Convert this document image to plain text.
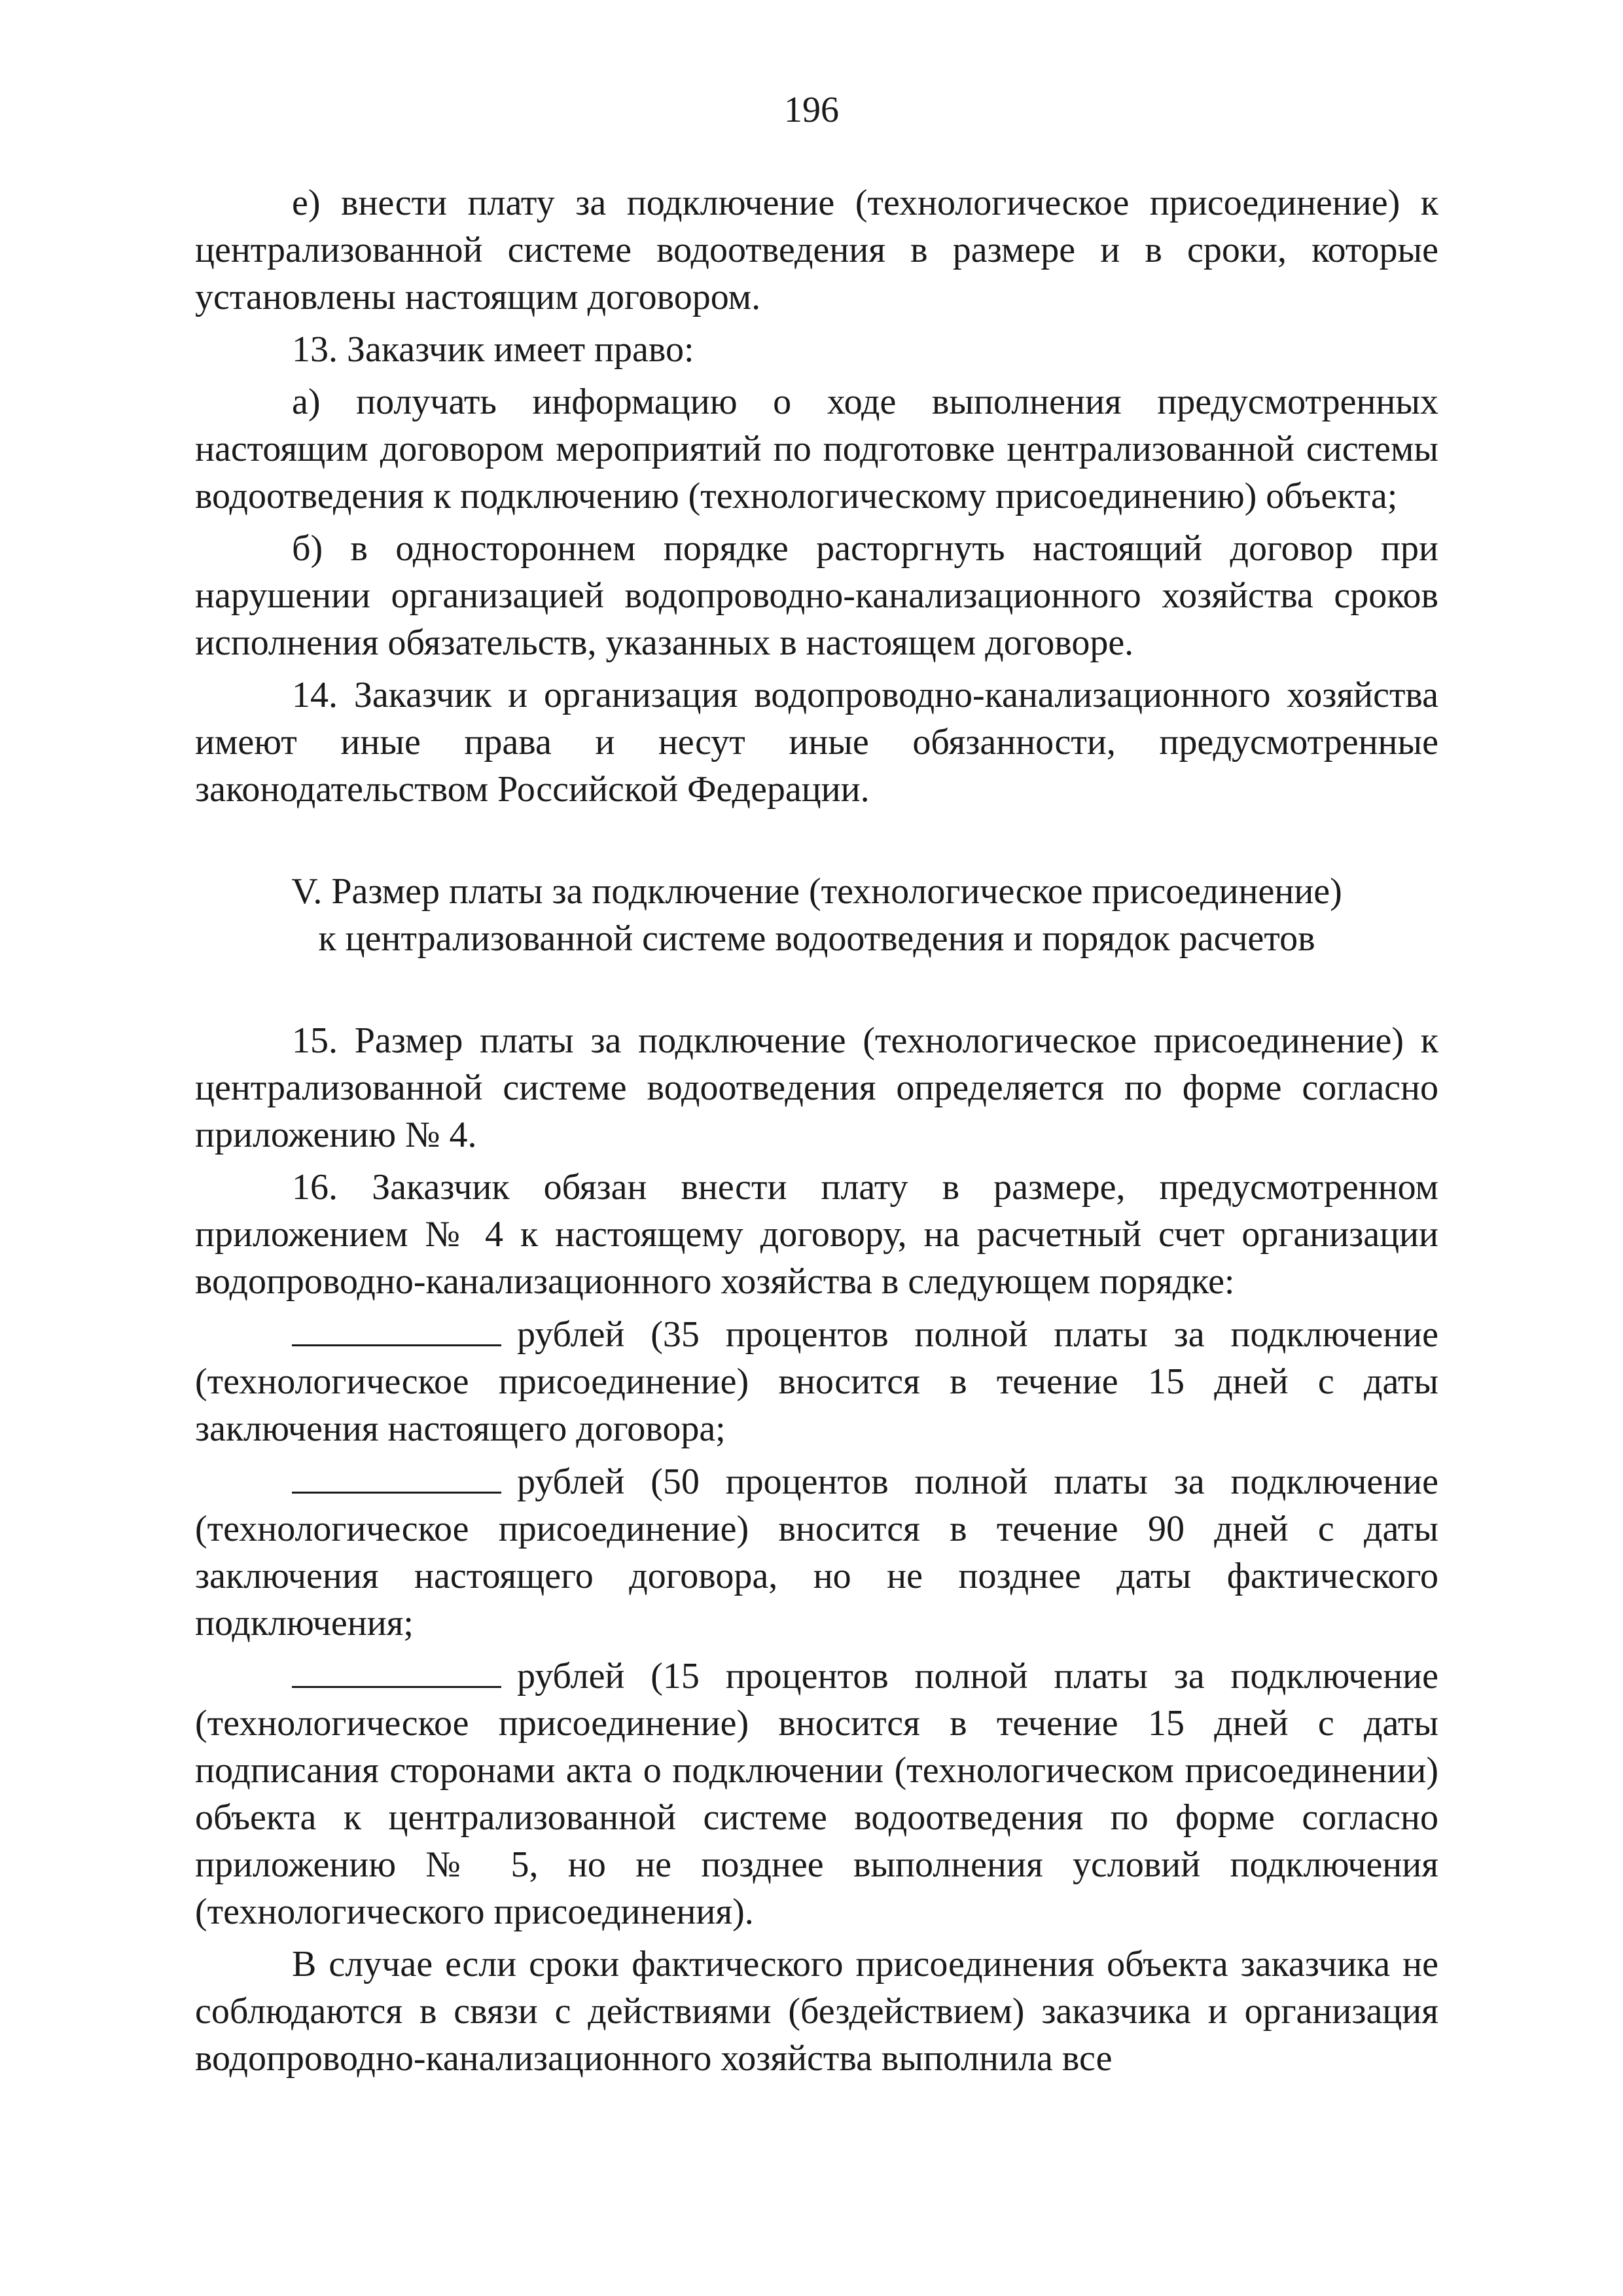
196

е) внести плату за подключение (технологическое присоединение) к централизованной системе водоотведения в размере и в сроки, которые установлены настоящим договором.

13. Заказчик имеет право:

а) получать информацию о ходе выполнения предусмотренных настоящим договором мероприятий по подготовке централизованной системы водоотведения к подключению (технологическому присоединению) объекта;

б) в одностороннем порядке расторгнуть настоящий договор при нарушении организацией водопроводно-канализационного хозяйства сроков исполнения обязательств, указанных в настоящем договоре.

14. Заказчик и организация водопроводно-канализационного хозяйства имеют иные права и несут иные обязанности, предусмотренные законодательством Российской Федерации.

V. Размер платы за подключение (технологическое присоединение)
к централизованной системе водоотведения и порядок расчетов

15. Размер платы за подключение (технологическое присоединение) к централизованной системе водоотведения определяется по форме согласно приложению № 4.

16. Заказчик обязан внести плату в размере, предусмотренном приложением № 4 к настоящему договору, на расчетный счет организации водопроводно-канализационного хозяйства в следующем порядке:

рублей (35 процентов полной платы за подключение (технологическое присоединение) вносится в течение 15 дней с даты заключения настоящего договора;

рублей (50 процентов полной платы за подключение (технологическое присоединение) вносится в течение 90 дней с даты заключения настоящего договора, но не позднее даты фактического подключения;

рублей (15 процентов полной платы за подключение (технологическое присоединение) вносится в течение 15 дней с даты подписания сторонами акта о подключении (технологическом присоединении) объекта к централизованной системе водоотведения по форме согласно приложению № 5, но не позднее выполнения условий подключения (технологического присоединения).

В случае если сроки фактического присоединения объекта заказчика не соблюдаются в связи с действиями (бездействием) заказчика и организация водопроводно-канализационного хозяйства выполнила все
